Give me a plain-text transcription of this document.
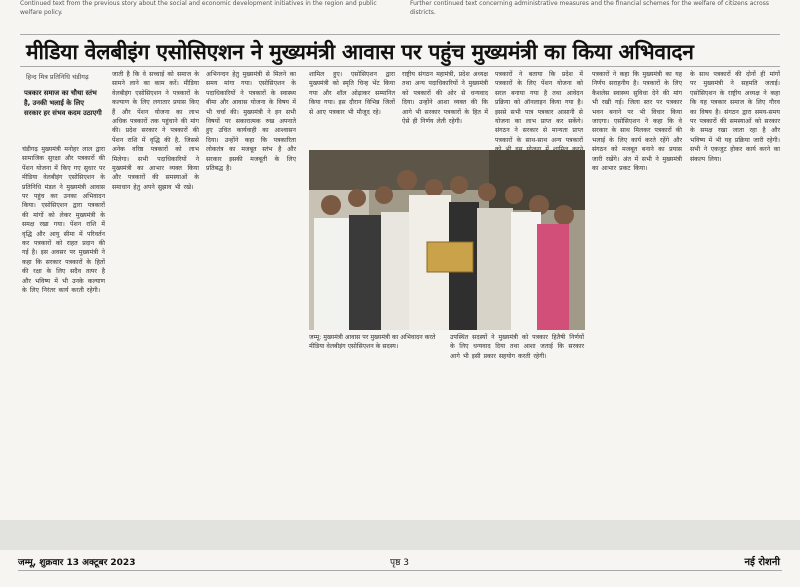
Continued text from the previous story about the social and economic development initiatives in the region and public welfare policy.
Further continued text concerning administrative measures and the financial schemes for the welfare of citizens across districts.
मीडिया वेलबीइंग एसोसिएशन ने मुख्यमंत्री आवास पर पहुंच मुख्यमंत्री का किया अभिवादन
हिन्द मित्र प्रतिनिधि चंडीगढ़
पत्रकार समाज का चौथा स्तंभ है, उनकी भलाई के लिए सरकार हर संभव कदम उठाएगी
चंडीगढ़ मुख्यमंत्री मनोहर लाल द्वारा सामाजिक सुरक्षा और पत्रकारों की पेंशन योजना में किए गए सुधार पर मीडिया वेलबीइंग एसोसिएशन के प्रतिनिधि मंडल ने मुख्यमंत्री आवास पर पहुंच कर उनका अभिवादन किया। एसोसिएशन द्वारा पत्रकारों की मांगों को लेकर मुख्यमंत्री के समक्ष रखा गया। पेंशन राशि में वृद्धि और आयु सीमा में परिवर्तन कर पत्रकारों को राहत प्रदान की गई है। इस अवसर पर मुख्यमंत्री ने कहा कि सरकार पत्रकारों के हितों की रक्षा के लिए सदैव तत्पर है और भविष्य में भी उनके कल्याण के लिए निरंतर कार्य करती रहेगी।
जाती है कि वे सच्चाई को समाज के सामने लाने का काम करें। मीडिया वेलबीइंग एसोसिएशन ने पत्रकारों के कल्याण के लिए लगातार प्रयास किए हैं और पेंशन योजना का लाभ अधिक पत्रकारों तक पहुंचाने की मांग की। प्रदेश सरकार ने पत्रकारों की पेंशन राशि में वृद्धि की है, जिससे अनेक वरिष्ठ पत्रकारों को लाभ मिलेगा। सभी पदाधिकारियों ने मुख्यमंत्री का आभार व्यक्त किया और पत्रकारों की समस्याओं के समाधान हेतु अपने सुझाव भी रखे।
अभिनन्दन हेतु मुख्यमंत्री से मिलने का समय मांगा गया। एसोसिएशन के पदाधिकारियों ने पत्रकारों के स्वास्थ्य बीमा और आवास योजना के विषय में भी चर्चा की। मुख्यमंत्री ने इन सभी विषयों पर सकारात्मक रुख अपनाते हुए उचित कार्यवाही का आश्वासन दिया। उन्होंने कहा कि पत्रकारिता लोकतंत्र का मजबूत स्तंभ है और सरकार इसकी मजबूती के लिए प्रतिबद्ध है।
शामिल हुए। एसोसिएशन द्वारा मुख्यमंत्री को स्मृति चिन्ह भेंट किया गया और शॉल ओढ़ाकर सम्मानित किया गया। इस दौरान विभिन्न जिलों से आए पत्रकार भी मौजूद रहे।
राष्ट्रीय संगठन महामंत्री, प्रदेश अध्यक्ष तथा अन्य पदाधिकारियों ने मुख्यमंत्री को पत्रकारों की ओर से धन्यवाद दिया। उन्होंने आशा व्यक्त की कि आगे भी सरकार पत्रकारों के हित में ऐसे ही निर्णय लेती रहेगी।
पत्रकारों ने बताया कि प्रदेश में पत्रकारों के लिए पेंशन योजना को सरल बनाया गया है तथा आवेदन प्रक्रिया को ऑनलाइन किया गया है। इससे सभी पात्र पत्रकार आसानी से योजना का लाभ प्राप्त कर सकेंगे। संगठन ने सरकार से मान्यता प्राप्त पत्रकारों के साथ-साथ अन्य पत्रकारों
पत्रकारों ने कहा कि मुख्यमंत्री का यह निर्णय सराहनीय है। पत्रकारों के लिए कैशलेस स्वास्थ्य सुविधा देने की मांग भी रखी गई। जिला स्तर पर पत्रकार भवन बनाने पर भी विचार किया जाएगा। एसोसिएशन ने कहा कि वे सरकार के साथ मिलकर पत्रकारों की भलाई के लिए कार्य करते रहेंगे और संगठन को मजबूत बनाने का प्रयास जारी रखेंगे। अंत में सभी ने मुख्यमंत्री का आभार प्रकट किया।
के साथ पत्रकारों की दोनों ही मांगों पर मुख्यमंत्री ने सहमति जताई। एसोसिएशन के राष्ट्रीय अध्यक्ष ने कहा कि यह पत्रकार समाज के लिए गौरव का विषय है। संगठन द्वारा समय-समय पर पत्रकारों की समस्याओं को सरकार के समक्ष रखा जाता रहा है और भविष्य में भी यह प्रक्रिया जारी रहेगी। सभी ने एकजुट होकर कार्य करने का संकल्प लिया।
जम्मू: मुख्यमंत्री आवास पर मुख्यमंत्री का अभिवादन करते मीडिया वेलबीइंग एसोसिएशन के सदस्य।
उपस्थित सदस्यों ने मुख्यमंत्री को पत्रकार हितैषी निर्णयों के लिए धन्यवाद दिया तथा आशा जताई कि सरकार आगे भी इसी प्रकार सहयोग करती रहेगी।
जम्मू, शुक्रवार 13 अक्टूबर 2023	पृष्ठ 3	नई रोशनी
